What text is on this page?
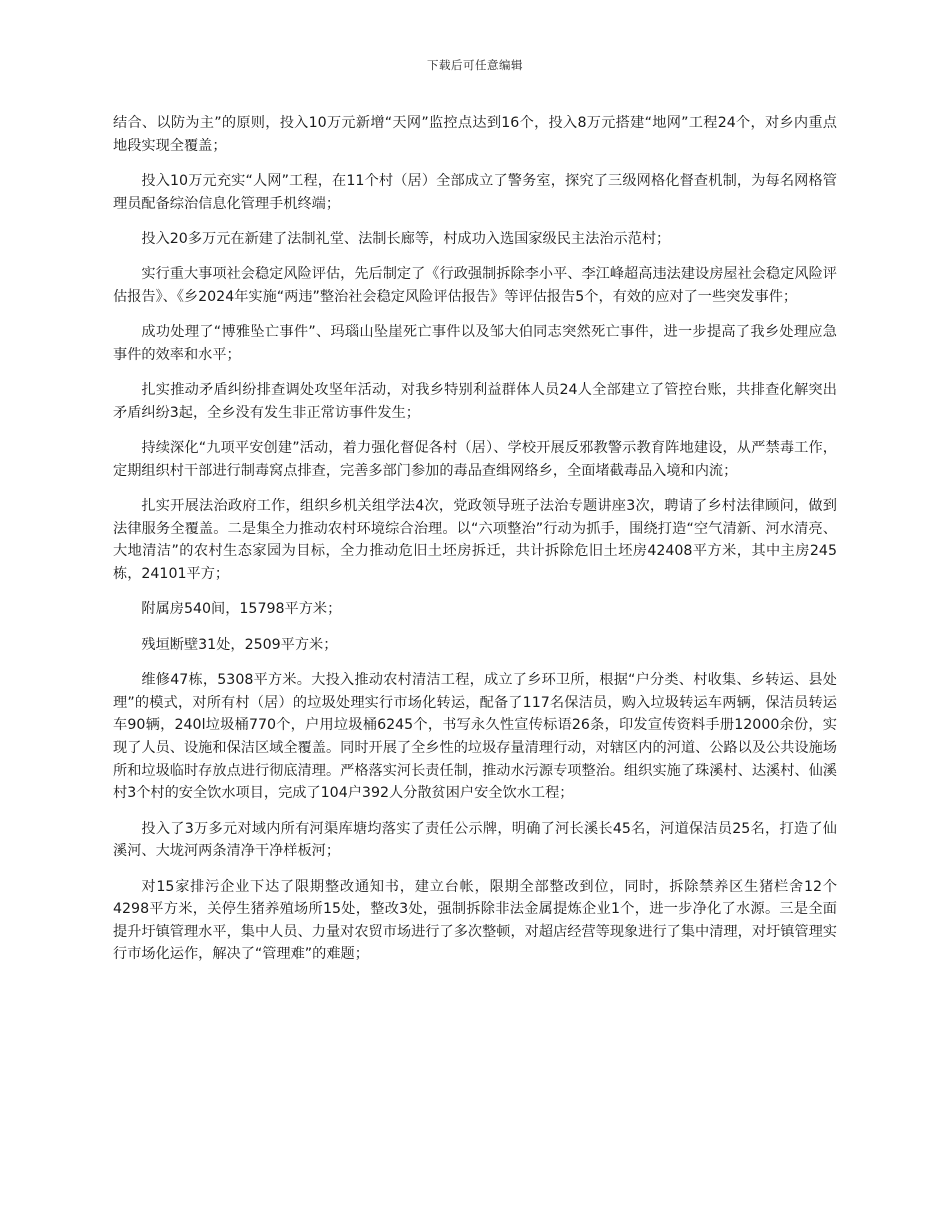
下载后可任意编辑

结合、以防为主”的原则，投入10万元新增“天网”监控点达到16个，投入8万元搭建“地网”工程24个，对乡内重点地段实现全覆盖；

投入10万元充实“人网”工程，在11个村（居）全部成立了警务室，探究了三级网格化督查机制，为每名网格管理员配备综治信息化管理手机终端；

投入20多万元在新建了法制礼堂、法制长廊等，村成功入选国家级民主法治示范村；

实行重大事项社会稳定风险评估，先后制定了《行政强制拆除李小平、李江峰超高违法建设房屋社会稳定风险评估报告》、《乡2024年实施“两违”整治社会稳定风险评估报告》等评估报告5个，有效的应对了一些突发事件；

成功处理了“博雅坠亡事件”、玛瑙山坠崖死亡事件以及邹大伯同志突然死亡事件，进一步提高了我乡处理应急事件的效率和水平；

扎实推动矛盾纠纷排查调处攻坚年活动，对我乡特别利益群体人员24人全部建立了管控台账，共排查化解突出矛盾纠纷3起，全乡没有发生非正常访事件发生；

持续深化“九项平安创建”活动，着力强化督促各村（居）、学校开展反邪教警示教育阵地建设，从严禁毒工作，定期组织村干部进行制毒窝点排查，完善多部门参加的毒品查缉网络乡，全面堵截毒品入境和内流；

扎实开展法治政府工作，组织乡机关组学法4次，党政领导班子法治专题讲座3次，聘请了乡村法律顾问，做到法律服务全覆盖。二是集全力推动农村环境综合治理。以“六项整治”行动为抓手，围绕打造“空气清新、河水清亮、大地清洁”的农村生态家园为目标，全力推动危旧土坯房拆迁，共计拆除危旧土坯房42408平方米，其中主房245栋，24101平方；

附属房540间，15798平方米；

残垣断壁31处，2509平方米；

维修47栋，5308平方米。大投入推动农村清洁工程，成立了乡环卫所，根据“户分类、村收集、乡转运、县处理”的模式，对所有村（居）的垃圾处理实行市场化转运，配备了117名保洁员，购入垃圾转运车两辆，保洁员转运车90辆，240l垃圾桶770个，户用垃圾桶6245个，书写永久性宣传标语26条，印发宣传资料手册12000余份，实现了人员、设施和保洁区域全覆盖。同时开展了全乡性的垃圾存量清理行动，对辖区内的河道、公路以及公共设施场所和垃圾临时存放点进行彻底清理。严格落实河长责任制，推动水污源专项整治。组织实施了珠溪村、达溪村、仙溪村3个村的安全饮水项目，完成了104户392人分散贫困户安全饮水工程；

投入了3万多元对域内所有河渠库塘均落实了责任公示牌，明确了河长溪长45名，河道保洁员25名，打造了仙溪河、大垅河两条清净干净样板河；

对15家排污企业下达了限期整改通知书，建立台帐，限期全部整改到位，同时，拆除禁养区生猪栏舍12个4298平方米，关停生猪养殖场所15处，整改3处，强制拆除非法金属提炼企业1个，进一步净化了水源。三是全面提升圩镇管理水平，集中人员、力量对农贸市场进行了多次整顿，对超店经营等现象进行了集中清理，对圩镇管理实行市场化运作，解决了“管理难”的难题；
